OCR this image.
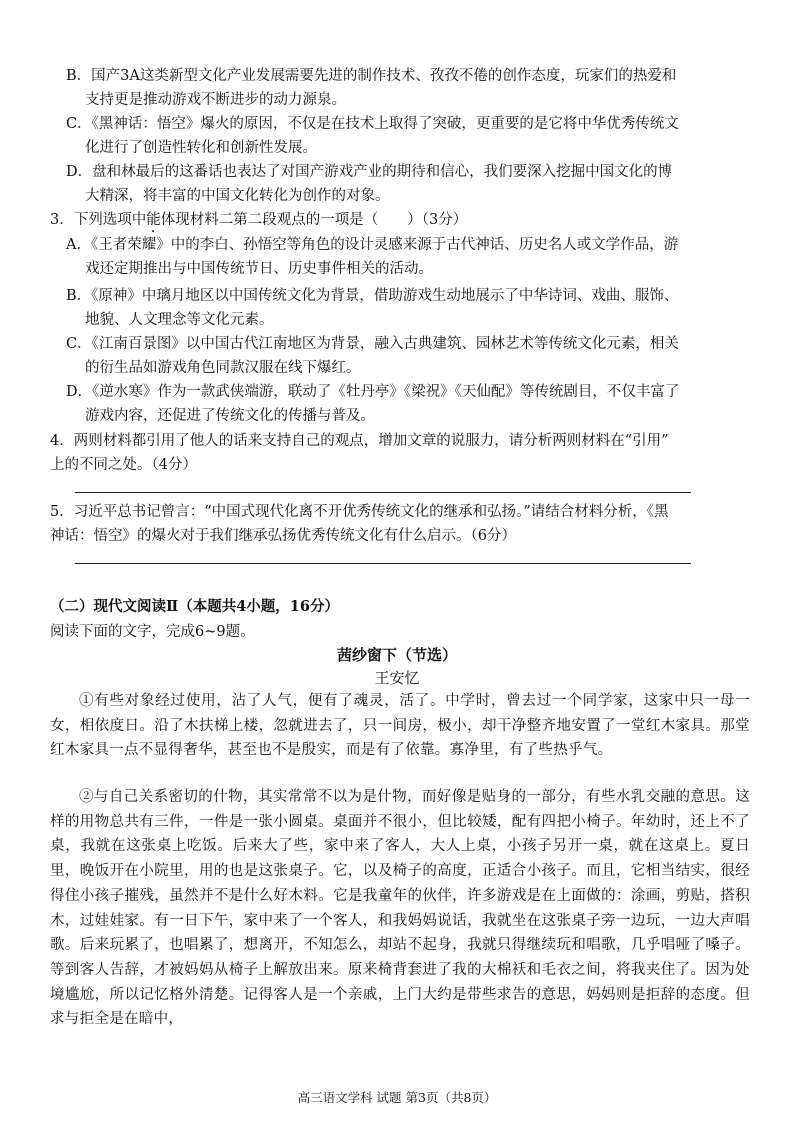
B．国产3A这类新型文化产业发展需要先进的制作技术、孜孜不倦的创作态度，玩家们的热爱和
支持更是推动游戏不断进步的动力源泉。
C．《黑神话：悟空》爆火的原因，不仅是在技术上取得了突破，更重要的是它将中华优秀传统文
化进行了创造性转化和创新性发展。
D．盘和林最后的这番话也表达了对国产游戏产业的期待和信心，我们要深入挖掘中国文化的博
大精深，将丰富的中国文化转化为创作的对象。
3．下列选项中能体现材料二第二段观点的一项是（　　）（3分）
A．《王者荣耀》中的李白、孙悟空等角色的设计灵感来源于古代神话、历史名人或文学作品，游
戏还定期推出与中国传统节日、历史事件相关的活动。
B．《原神》中璃月地区以中国传统文化为背景，借助游戏生动地展示了中华诗词、戏曲、服饰、
地貌、人文理念等文化元素。
C．《江南百景图》以中国古代江南地区为背景，融入古典建筑、园林艺术等传统文化元素，相关
的衍生品如游戏角色同款汉服在线下爆红。
D．《逆水寒》作为一款武侠端游，联动了《牡丹亭》《梁祝》《天仙配》等传统剧目，不仅丰富了
游戏内容，还促进了传统文化的传播与普及。
4．两则材料都引用了他人的话来支持自己的观点，增加文章的说服力，请分析两则材料在“引用”
上的不同之处。（4分）
5．习近平总书记曾言：“中国式现代化离不开优秀传统文化的继承和弘扬。”请结合材料分析，《黑
神话：悟空》的爆火对于我们继承弘扬优秀传统文化有什么启示。（6分）
（二）现代文阅读Ⅱ（本题共4小题，16分）
阅读下面的文字，完成6~9题。
茜纱窗下（节选）
王安忆
①有些对象经过使用，沾了人气，便有了魂灵，活了。中学时，曾去过一个同学家，这家中只一母一女，相依度日。沿了木扶梯上楼，忽就进去了，只一间房，极小，却干净整齐地安置了一堂红木家具。那堂红木家具一点不显得奢华，甚至也不是殷实，而是有了依靠。寡净里，有了些热乎气。
②与自己关系密切的什物，其实常常不以为是什物，而好像是贴身的一部分，有些水乳交融的意思。这样的用物总共有三件，一件是一张小圆桌。桌面并不很小，但比较矮，配有四把小椅子。年幼时，还上不了桌，我就在这张桌上吃饭。后来大了些，家中来了客人，大人上桌，小孩子另开一桌，就在这桌上。夏日里，晚饭开在小院里，用的也是这张桌子。它，以及椅子的高度，正适合小孩子。而且，它相当结实，很经得住小孩子摧残，虽然并不是什么好木料。它是我童年的伙伴，许多游戏是在上面做的：涂画，剪贴，搭积木，过娃娃家。有一日下午，家中来了一个客人，和我妈妈说话，我就坐在这张桌子旁一边玩，一边大声唱歌。后来玩累了，也唱累了，想离开，不知怎么，却站不起身，我就只得继续玩和唱歌，几乎唱哑了嗓子。等到客人告辞，才被妈妈从椅子上解放出来。原来椅背套进了我的大棉袄和毛衣之间，将我夹住了。因为处境尴尬，所以记忆格外清楚。记得客人是一个亲戚，上门大约是带些求告的意思，妈妈则是拒辞的态度。但求与拒全是在暗中，
高三语文学科 试题 第3页（共8页）
